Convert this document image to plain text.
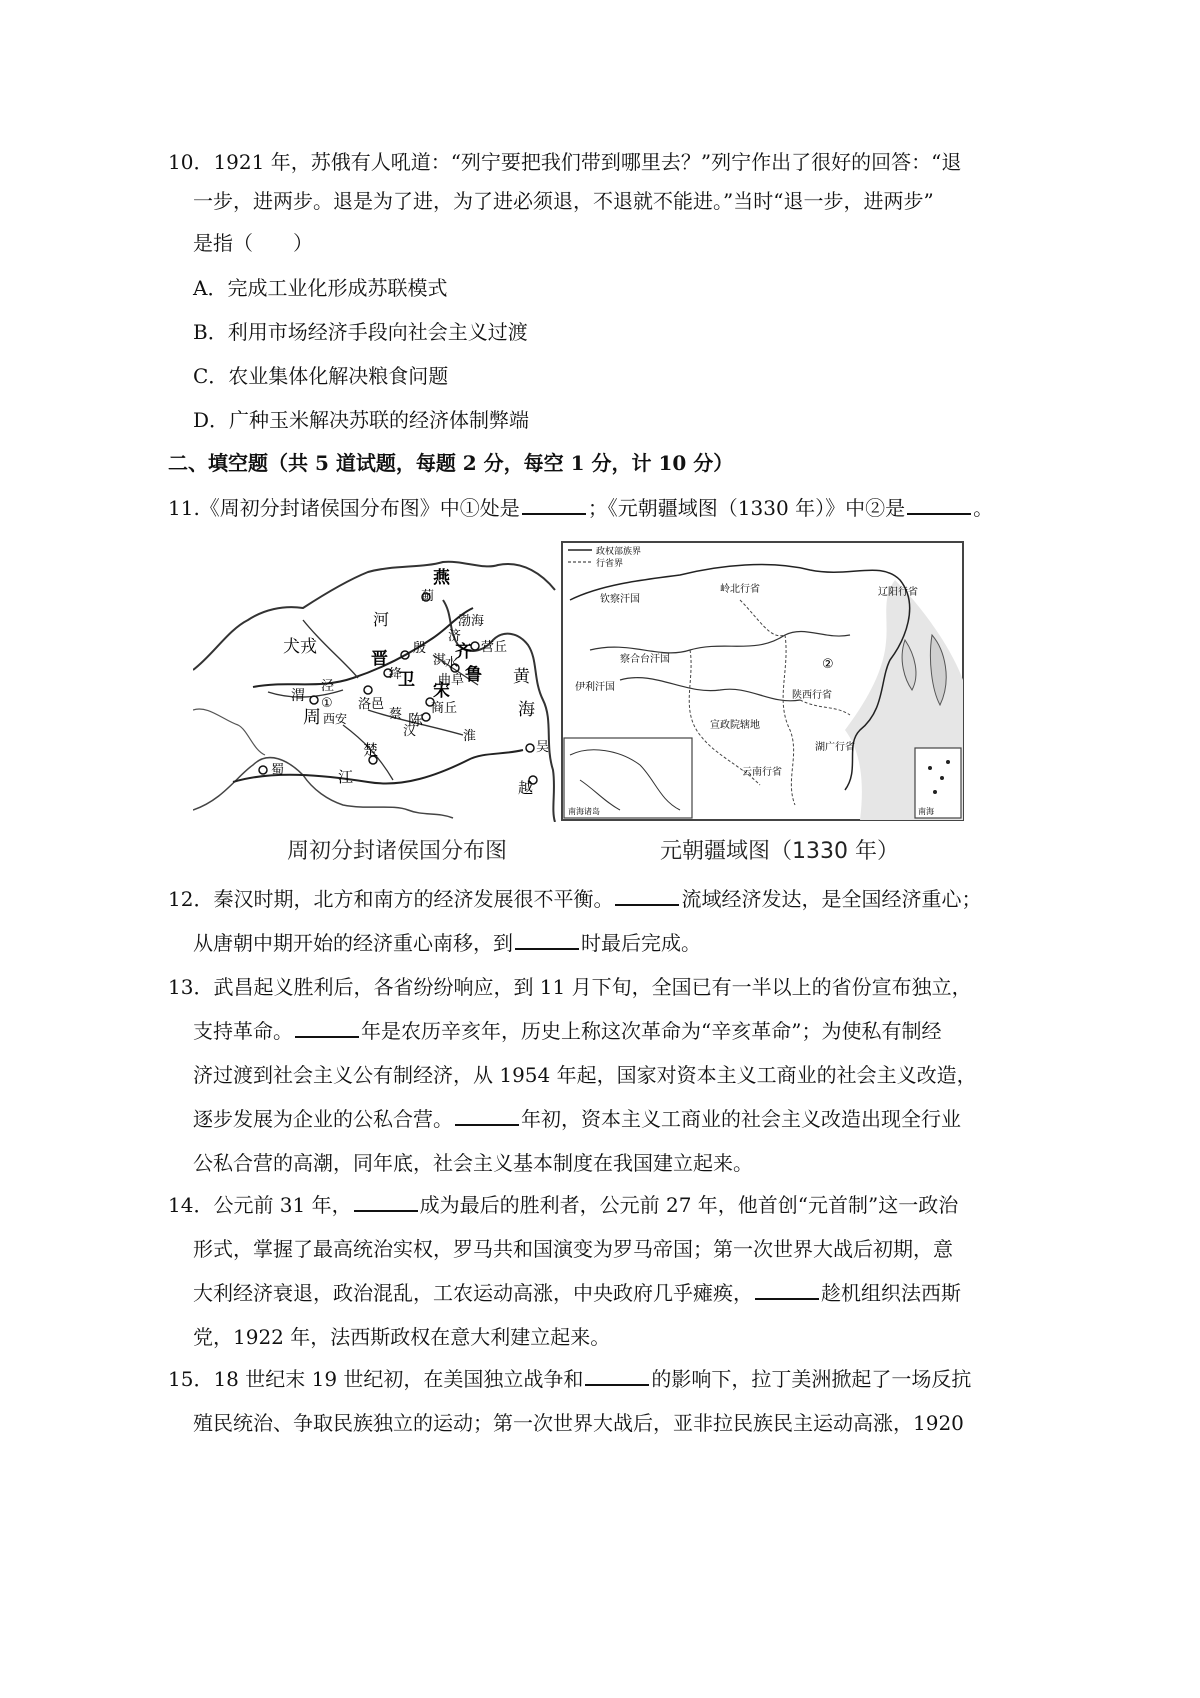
10．1921 年，苏俄有人吼道：“列宁要把我们带到哪里去？”列宁作出了很好的回答：“退
一步，进两步。退是为了进，为了进必须退，不退就不能进。”当时“退一步，进两步”
是指（　　）
A．完成工业化形成苏联模式
B．利用市场经济手段向社会主义过渡
C．农业集体化解决粮食问题
D．广种玉米解决苏联的经济体制弊端
二、填空题（共 5 道试题，每题 2 分，每空 1 分，计 10 分）
11.《周初分封诸侯国分布图》中①处是	；《元朝疆域图（1330 年）》中②是	。
燕
蓟
渤海
河
犬戎
晋
绛
殷
淇 齐 营丘
济
水
曲阜 鲁 黄
海
卫
宋
泾
渭
周 西安
① 洛邑
蔡 商丘
陈
淮
汉
楚
蜀	江
吴
越
周初分封诸侯国分布图
政权部族界
行省界
岭北行省	辽阳行省
钦察汗国
察合台汗国
伊利汗国
宣政院辖地
陕西行省
云南行省
湖广行省
②
南海
南海诸岛
元朝疆域图（1330 年）
12．秦汉时期，北方和南方的经济发展很不平衡。	流域经济发达，是全国经济重心；
从唐朝中期开始的经济重心南移，到	时最后完成。
13．武昌起义胜利后，各省纷纷响应，到 11 月下旬，全国已有一半以上的省份宣布独立，
支持革命。	年是农历辛亥年，历史上称这次革命为“辛亥革命”；为使私有制经
济过渡到社会主义公有制经济，从 1954 年起，国家对资本主义工商业的社会主义改造，
逐步发展为企业的公私合营。	年初，资本主义工商业的社会主义改造出现全行业
公私合营的高潮，同年底，社会主义基本制度在我国建立起来。
14．公元前 31 年，	成为最后的胜利者，公元前 27 年，他首创“元首制”这一政治
形式，掌握了最高统治实权，罗马共和国演变为罗马帝国；第一次世界大战后初期，意
大利经济衰退，政治混乱，工农运动高涨，中央政府几乎瘫痪，	趁机组织法西斯
党，1922 年，法西斯政权在意大利建立起来。
15．18 世纪末 19 世纪初，在美国独立战争和	的影响下，拉丁美洲掀起了一场反抗
殖民统治、争取民族独立的运动；第一次世界大战后，亚非拉民族民主运动高涨，1920
